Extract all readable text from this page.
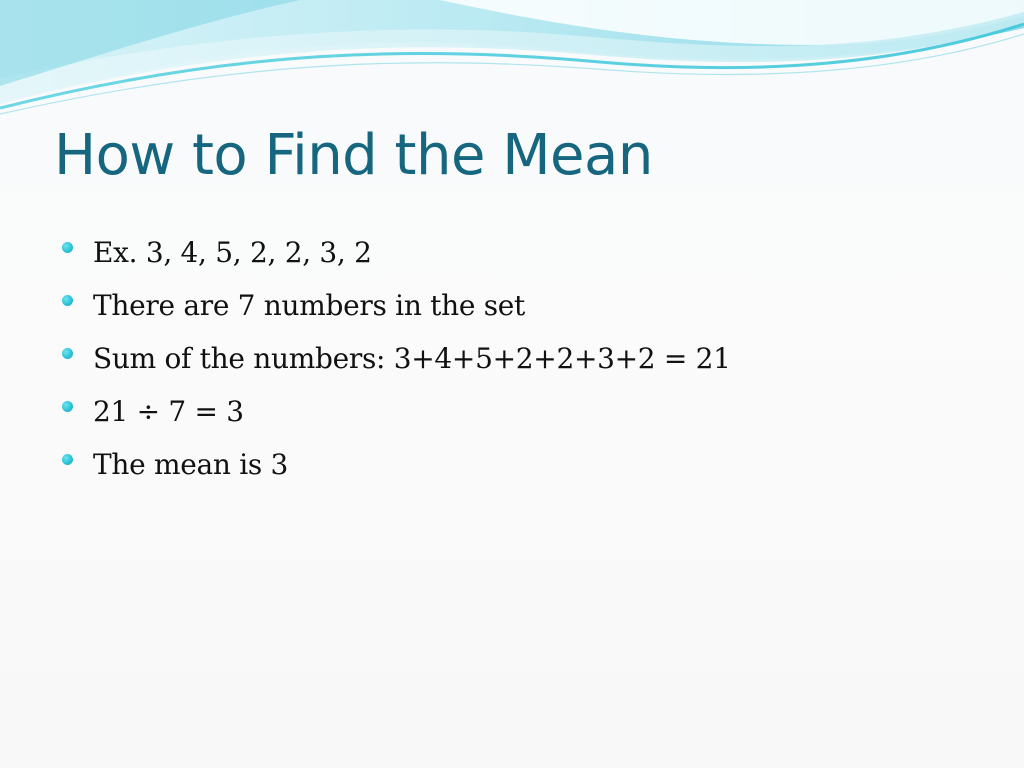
How to Find the Mean
Ex. 3, 4, 5, 2, 2, 3, 2
There are 7 numbers in the set
Sum of the numbers: 3+4+5+2+2+3+2 = 21
21 ÷ 7 = 3
The mean is 3
